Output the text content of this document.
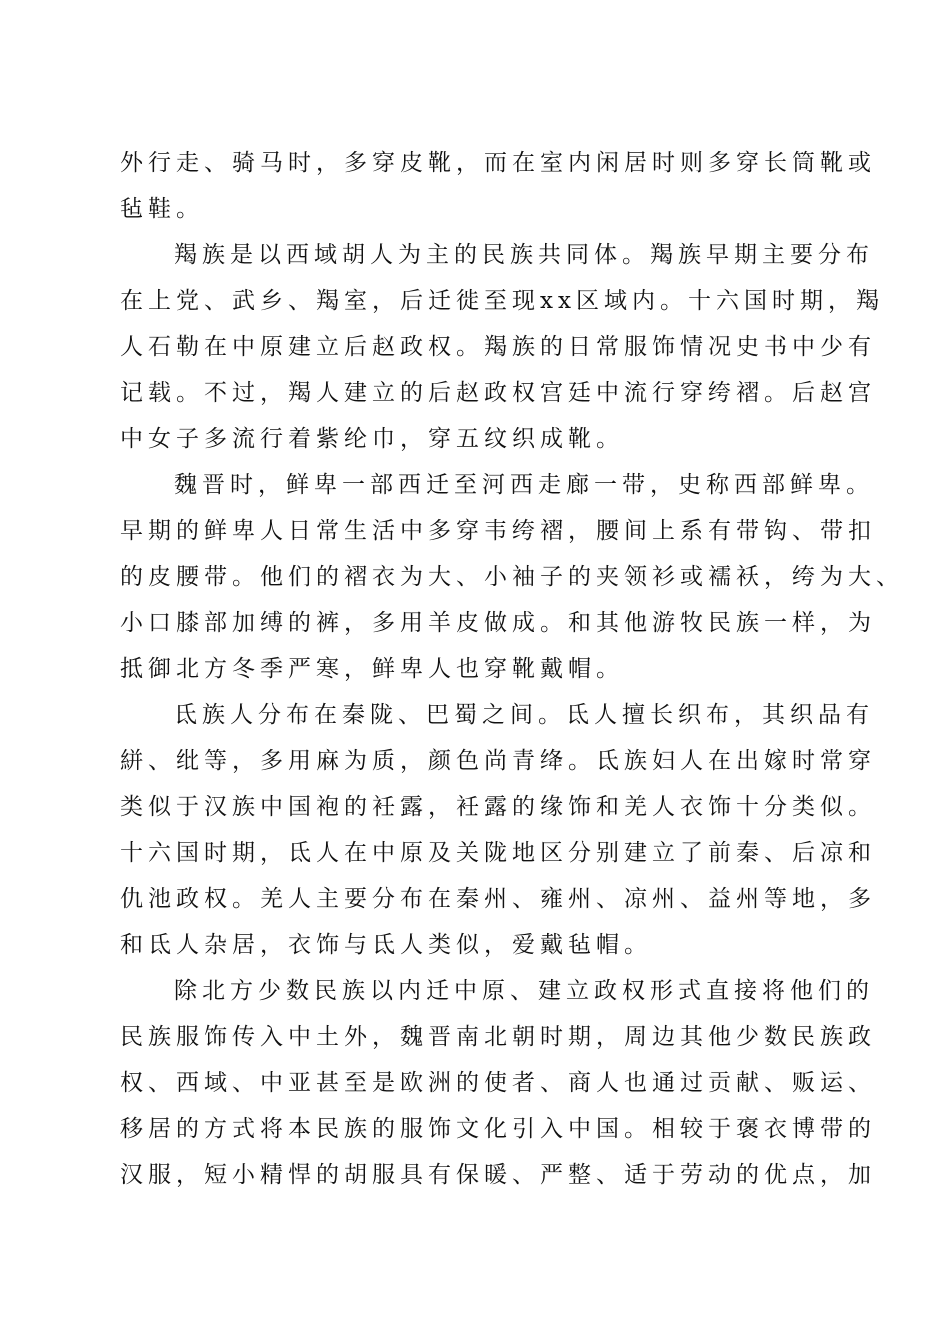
外行走、骑马时，多穿皮靴，而在室内闲居时则多穿长筒靴或
毡鞋。
羯族是以西域胡人为主的民族共同体。羯族早期主要分布
在上党、武乡、羯室，后迁徙至现xx区域内。十六国时期，羯
人石勒在中原建立后赵政权。羯族的日常服饰情况史书中少有
记载。不过，羯人建立的后赵政权宫廷中流行穿绔褶。后赵宫
中女子多流行着紫纶巾，穿五纹织成靴。
魏晋时，鲜卑一部西迁至河西走廊一带，史称西部鲜卑。
早期的鲜卑人日常生活中多穿韦绔褶，腰间上系有带钩、带扣
的皮腰带。他们的褶衣为大、小袖子的夹领衫或襦袄，绔为大、
小口膝部加缚的裤，多用羊皮做成。和其他游牧民族一样，为
抵御北方冬季严寒，鲜卑人也穿靴戴帽。
氐族人分布在秦陇、巴蜀之间。氐人擅长织布，其织品有
絣、纰等，多用麻为质，颜色尚青绛。氐族妇人在出嫁时常穿
类似于汉族中国袍的衽露，衽露的缘饰和羌人衣饰十分类似。
十六国时期，氐人在中原及关陇地区分别建立了前秦、后凉和
仇池政权。羌人主要分布在秦州、雍州、凉州、益州等地，多
和氐人杂居，衣饰与氐人类似，爱戴毡帽。
除北方少数民族以内迁中原、建立政权形式直接将他们的
民族服饰传入中土外，魏晋南北朝时期，周边其他少数民族政
权、西域、中亚甚至是欧洲的使者、商人也通过贡献、贩运、
移居的方式将本民族的服饰文化引入中国。相较于褒衣博带的
汉服，短小精悍的胡服具有保暖、严整、适于劳动的优点，加
